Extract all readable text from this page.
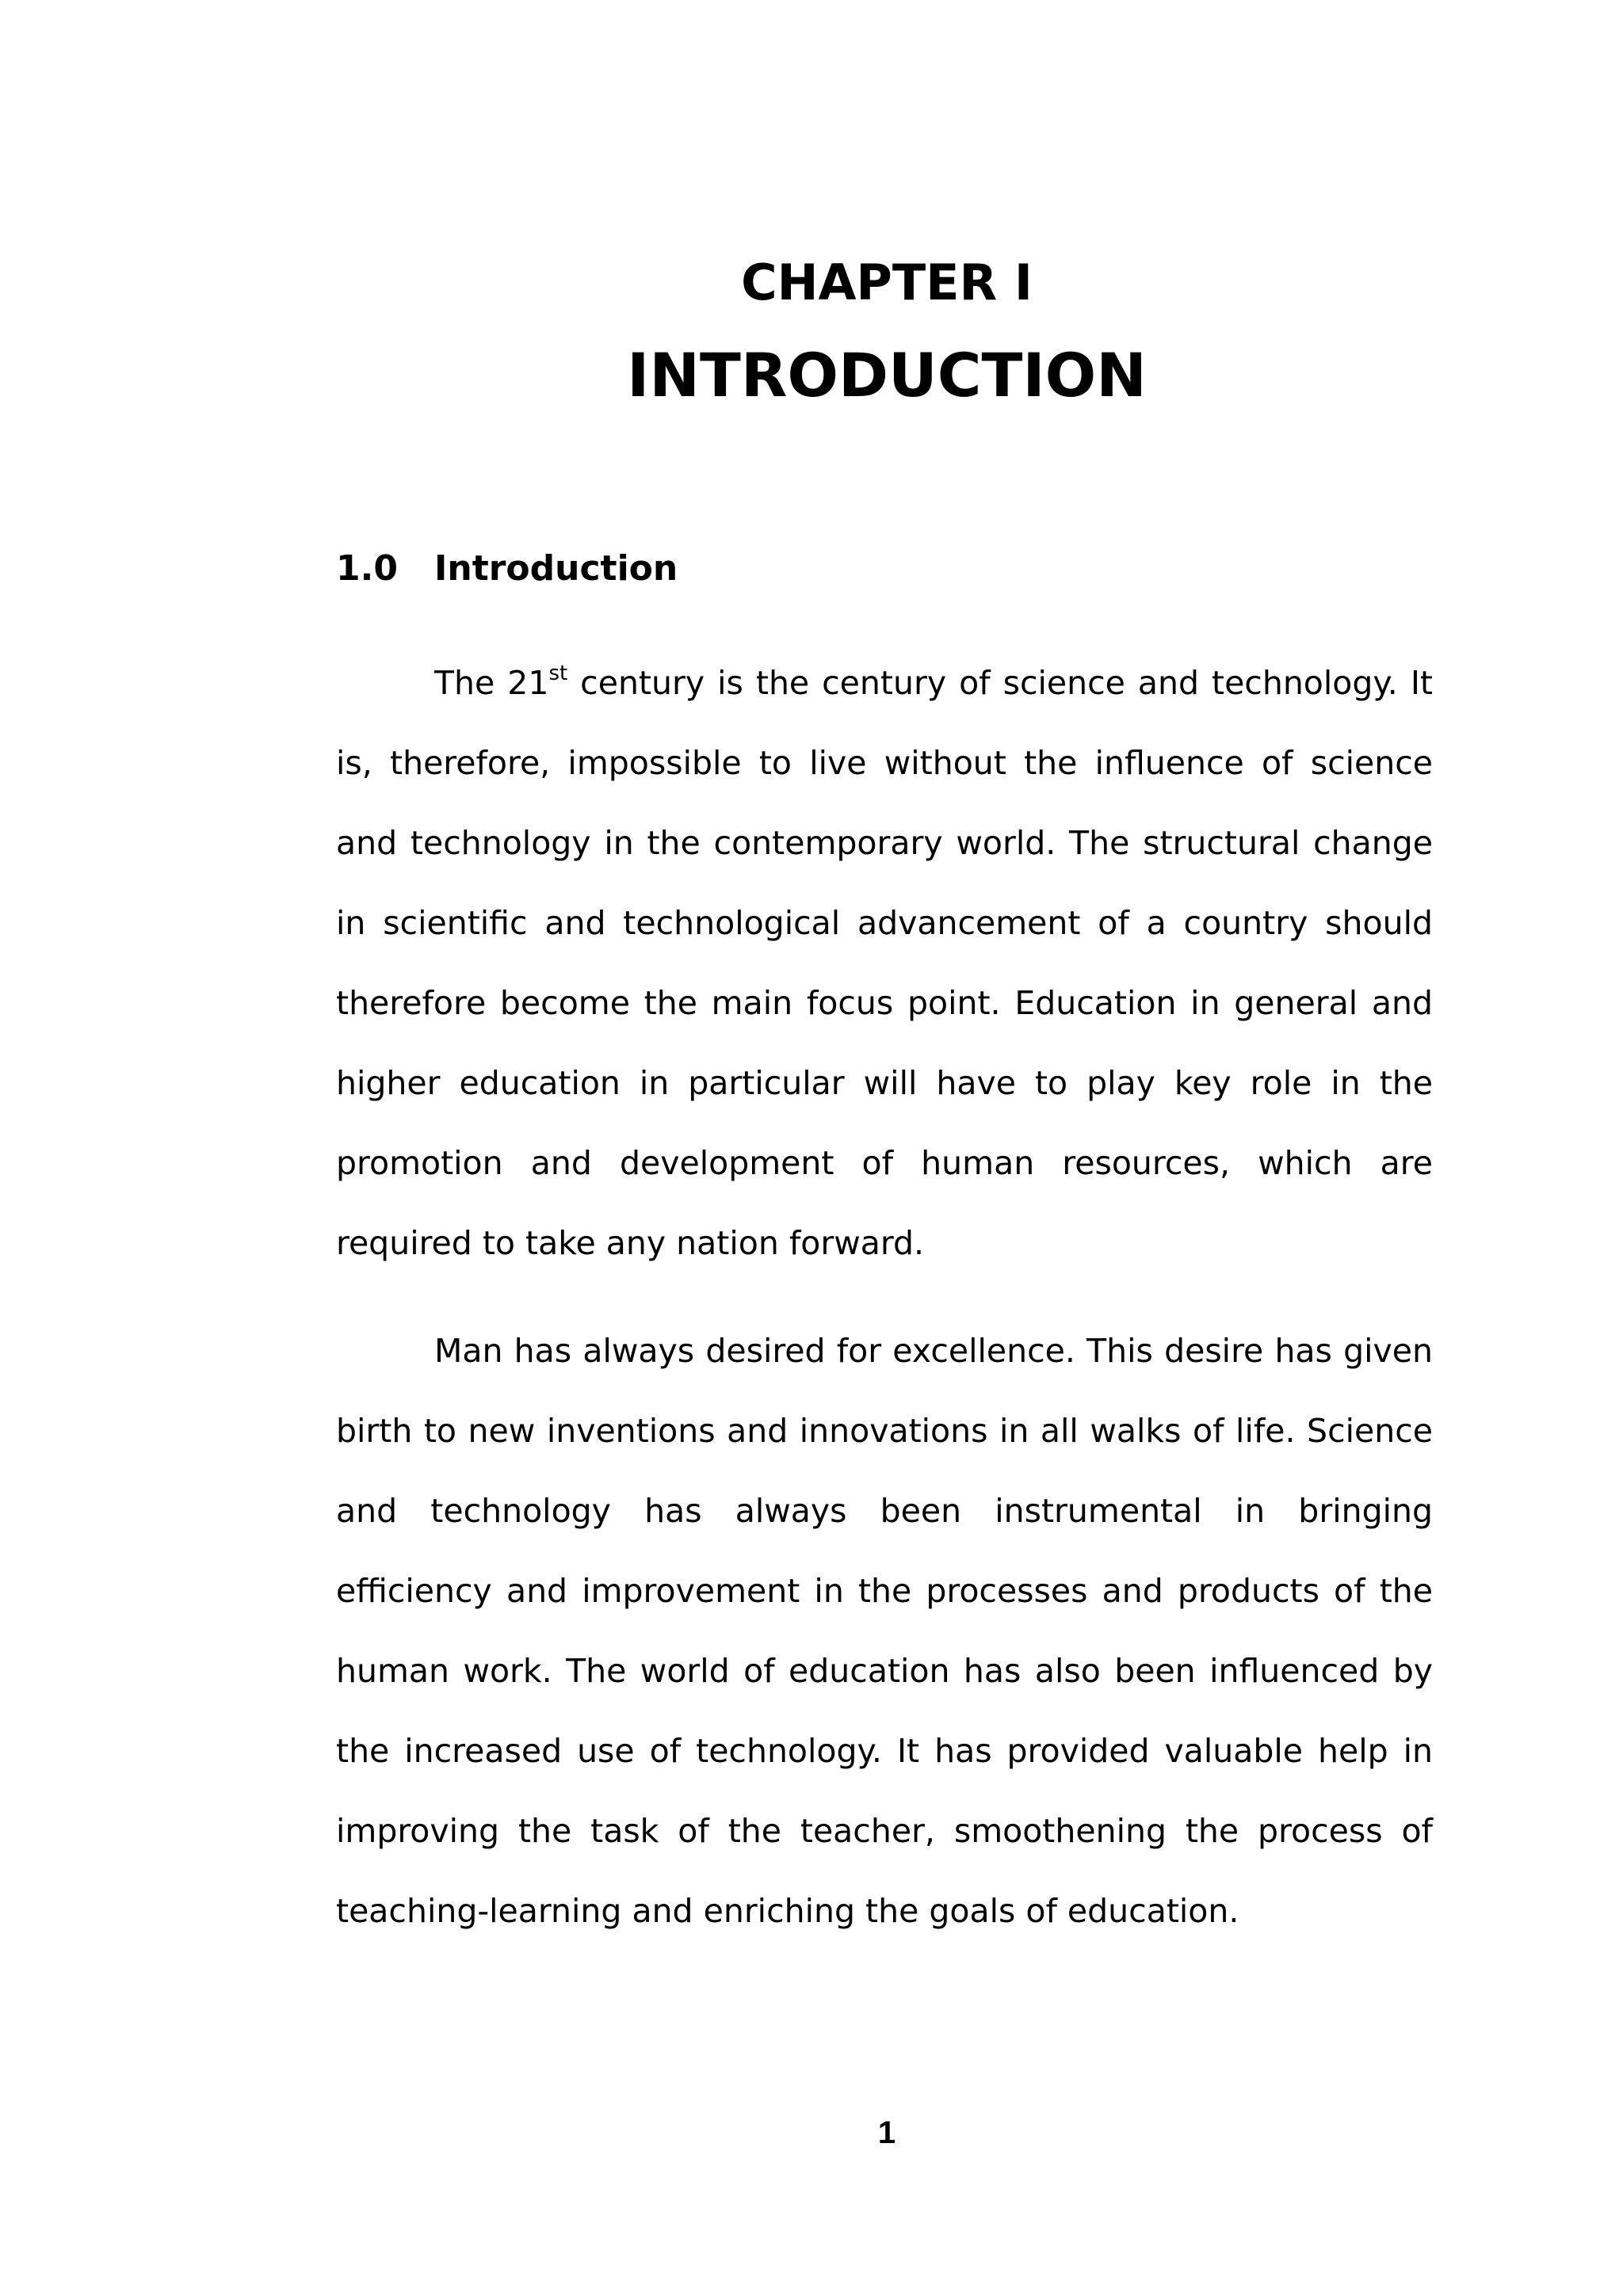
CHAPTER I
INTRODUCTION
1.0 Introduction

The 21st century is the century of science and technology. It is, therefore, impossible to live without the influence of science and technology in the contemporary world. The structural change in scientific and technological advancement of a country should therefore become the main focus point. Education in general and higher education in particular will have to play key role in the promotion and development of human resources, which are required to take any nation forward.

Man has always desired for excellence. This desire has given birth to new inventions and innovations in all walks of life. Science and technology has always been instrumental in bringing efficiency and improvement in the processes and products of the human work. The world of education has also been influenced by the increased use of technology. It has provided valuable help in improving the task of the teacher, smoothening the process of teaching-learning and enriching the goals of education.

1
